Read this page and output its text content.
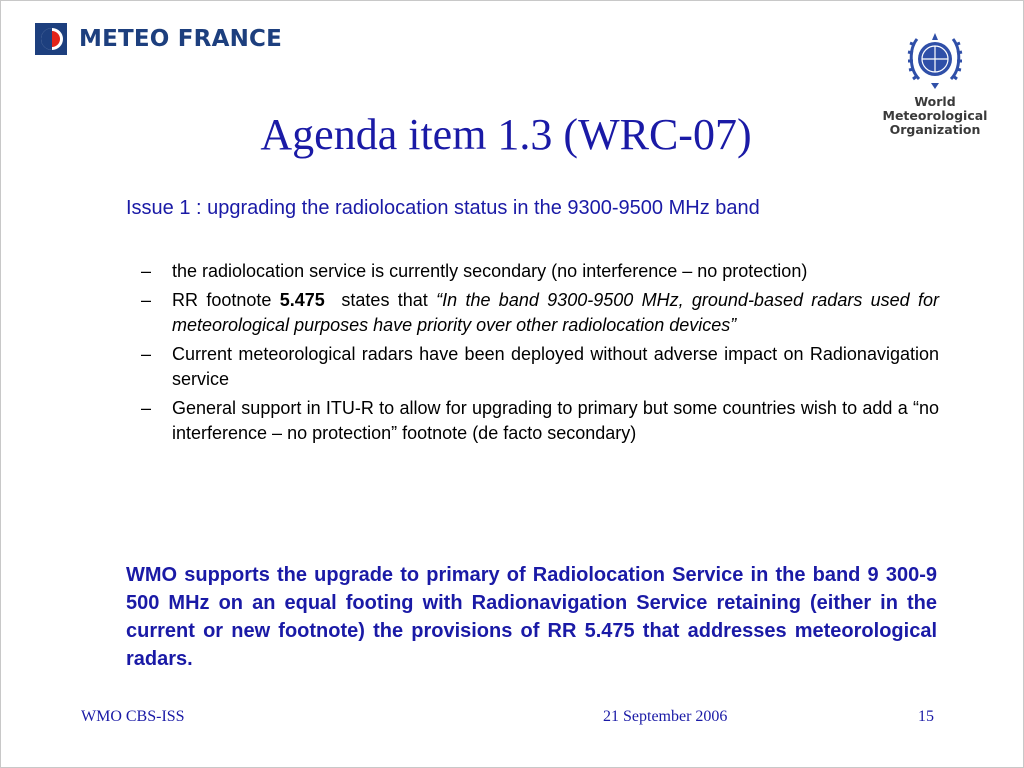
METEO FRANCE
World
Meteorological
Organization
Agenda item 1.3 (WRC-07)
Issue 1 : upgrading the radiolocation status in the 9300-9500 MHz band
– the radiolocation service is currently secondary (no interference – no protection)
– RR footnote 5.475  states that “In the band 9300-9500 MHz, ground-based radars used for meteorological purposes have priority over other radiolocation devices”
– Current meteorological radars have been deployed without adverse impact on Radionavigation service
– General support in ITU-R to allow for upgrading to primary but some countries wish to add a “no interference – no protection” footnote (de facto secondary)
WMO supports the upgrade to primary of Radiolocation Service in the band 9 300-9 500 MHz on an equal footing with Radionavigation Service retaining (either in the current or new footnote) the provisions of RR 5.475 that addresses meteorological radars.
WMO CBS-ISS	21 September 2006	15
